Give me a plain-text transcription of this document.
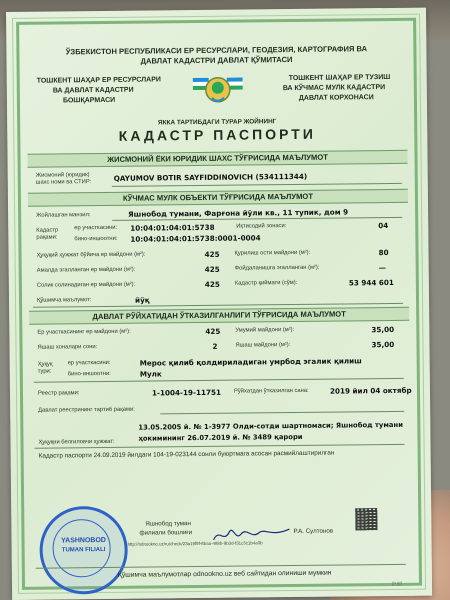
ЎЗБЕКИСТОН РЕСПУБЛИКАСИ ЕР РЕСУРСЛАРИ, ГЕОДЕЗИЯ, КАРТОГРАФИЯ ВА
ДАВЛАТ КАДАСТРИ ДАВЛАТ ҚЎМИТАСИ
ТОШКЕНТ ШАҲАР ЕР РЕСУРСЛАРИ
ВА ДАВЛАТ КАДАСТРИ
БОШҚАРМАСИ
ТОШКЕНТ ШАҲАР ЕР ТУЗИШ
ВА КЎЧМАС МУЛК КАДАСТРИ
ДАВЛАТ КОРХОНАСИ
ЯККА ТАРТИБДАГИ ТУРАР ЖОЙНИНГ
КАДАСТР ПАСПОРТИ
ЖИСМОНИЙ ЁКИ ЮРИДИК ШАХС ТЎҒРИСИДА МАЪЛУМОТ
Жисмоний (юридик)
шахс номи ва СТИР:	QAYUMOV BOTIR SAYFIDDINOVICH (534111344)
КЎЧМАС МУЛК ОБЪЕКТИ ТЎҒРИСИДА МАЪЛУМОТ
Жойлашган манзил:	Яшнобод тумани, Фарғона йўли кв., 11 тупик, дом 9
Кадастр
рақами:
ер участкасини: 10:04:01:04:01:5738
бино-иншоотни: 10:04:01:04:01:5738:0001-0004
Иқтисодий зонаси:	04
Ҳуқуқий ҳужжат бўйича ер майдони (м²):	425	Қурилиш ости майдони (м²):	80
Амалда эгалланган ер майдони (м²):	425	Фойдаланишга эгалланган (м²):	—
Солик солинадиган ер майдони (м²):	425	Кадастр қиймати (сўм):	53 944 601
Қўшимча маълумот:	йўқ
ДАВЛАТ РЎЙХАТИДАН ЎТКАЗИЛГАНЛИГИ ТЎҒРИСИДА МАЪЛУМОТ
Ер участкасининг ер майдони (м²):	425	Умумий майдони (м²):	35,00
Яшаш хоналари сони:	2	Яшаш майдони (м²):	35,00
Ҳуқуқ
тури:
ер участкасини:	Мерос қилиб қолдириладиган умрбод эгалик қилиш
бино-иншоотни:	Мулк
Реестр рақами:	1-1004-19-11751 Рўйхатдан ўтказилган сана:	2019 йил 04 октябр
Давлат реестрининг тартиб рақами:
Ҳуқуқни белгиловчи ҳужжат:
13.05.2005 й. № 1-3977 Олди-сотди шартномаси; Яшнобод тумани
ҳокимининг 26.07.2019 й. № 3489 қарори
Кадастр паспорти 24.09.2019 йилдаги 104-19-023144 сонли буюртмага асосан расмийлаштирилган
YASHNOBOD
TUMAN FILIALI
Яшнобод туман
филиали бошлиғи	Р.А. Султонов
http://odnookno.uz/ru/check/23a19f9f-8baa-488b-9b3d-f31c3c1b4a0b
Қўшимча маълумотлар odnookno.uz веб сайтидан олиниши мумкин
P.6f
